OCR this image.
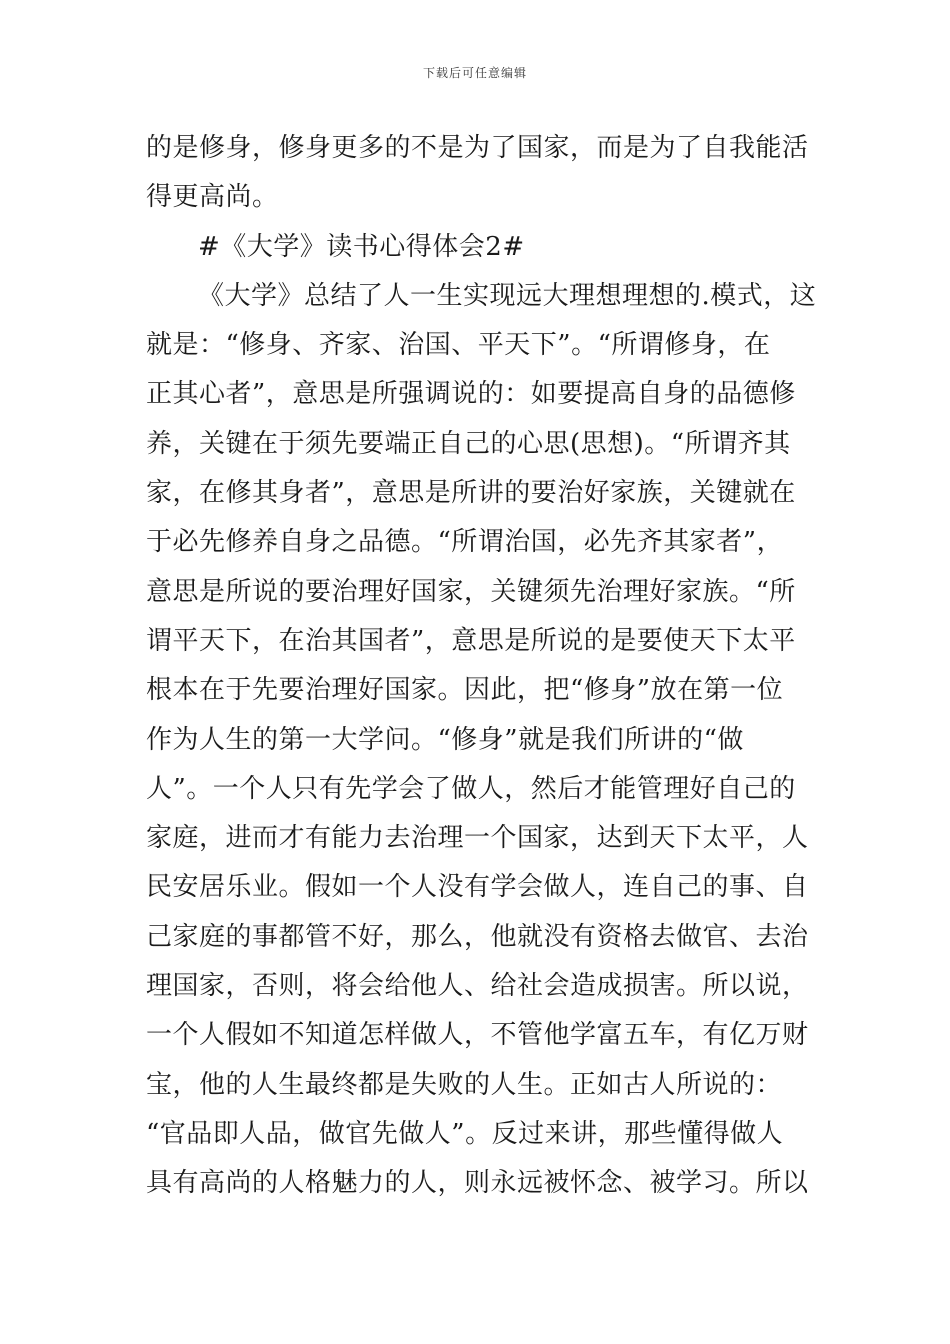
下载后可任意编辑
的是修身，修身更多的不是为了国家，而是为了自我能活
得更高尚。
#《大学》读书心得体会2#
《大学》总结了人一生实现远大理想理想的.模式，这
就是：“修身、齐家、治国、平天下”。“所谓修身，在
正其心者”，意思是所强调说的：如要提高自身的品德修
养，关键在于须先要端正自己的心思(思想)。“所谓齐其
家，在修其身者”，意思是所讲的要治好家族，关键就在
于必先修养自身之品德。“所谓治国，必先齐其家者”，
意思是所说的要治理好国家，关键须先治理好家族。“所
谓平天下，在治其国者”，意思是所说的是要使天下太平
根本在于先要治理好国家。因此，把“修身”放在第一位
作为人生的第一大学问。“修身”就是我们所讲的“做
人”。一个人只有先学会了做人，然后才能管理好自己的
家庭，进而才有能力去治理一个国家，达到天下太平，人
民安居乐业。假如一个人没有学会做人，连自己的事、自
己家庭的事都管不好，那么，他就没有资格去做官、去治
理国家，否则，将会给他人、给社会造成损害。所以说，
一个人假如不知道怎样做人，不管他学富五车，有亿万财
宝，他的人生最终都是失败的人生。正如古人所说的：
“官品即人品，做官先做人”。反过来讲，那些懂得做人
具有高尚的人格魅力的人，则永远被怀念、被学习。所以
